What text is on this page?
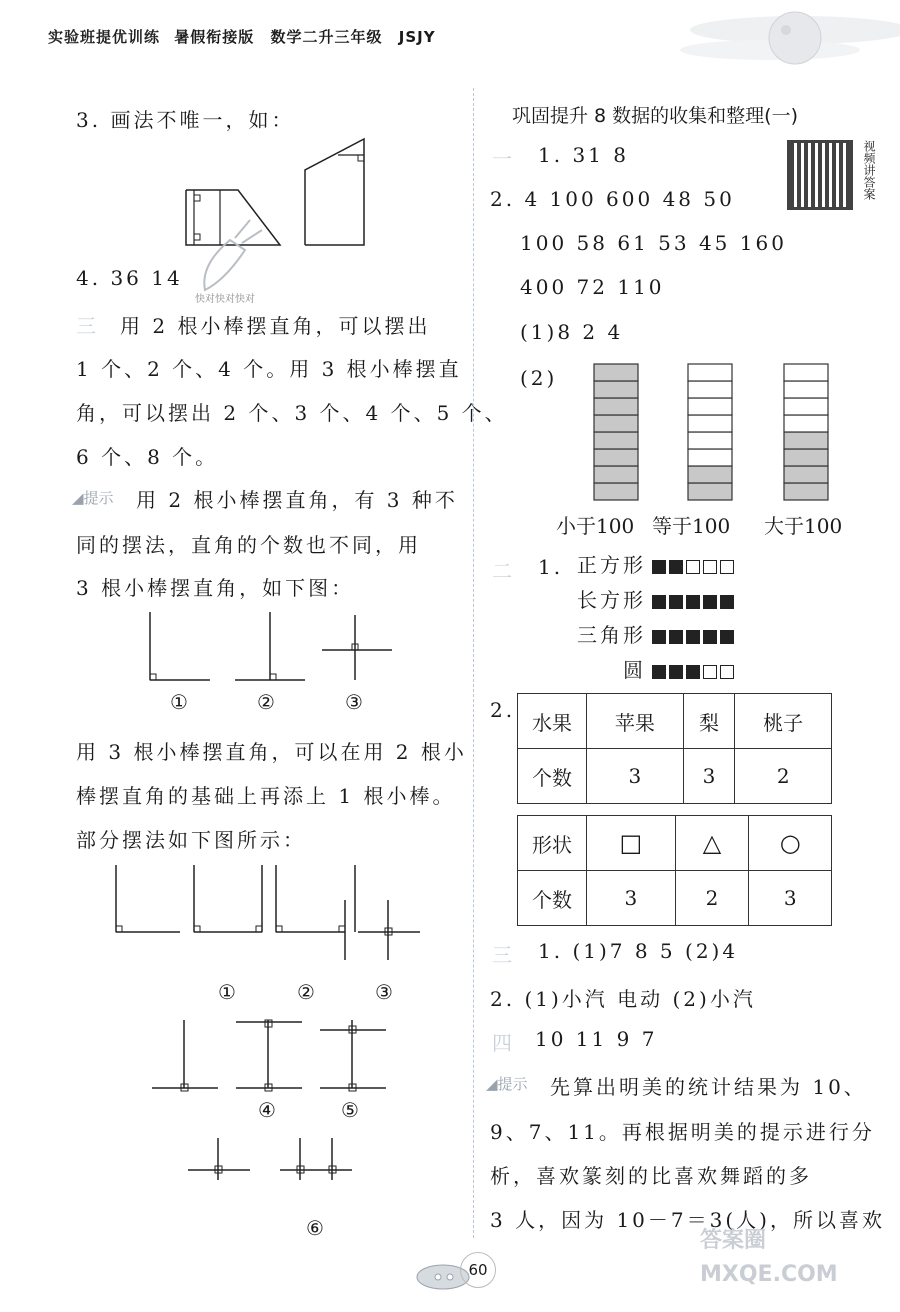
实验班提优训练 暑假衔接版 数学二升三年级 JSJY
3. 画法不唯一，如：
4. 36 14
快对快对快对
三 用 2 根小棒摆直角，可以摆出
1 个、2 个、4 个。用 3 根小棒摆直
角，可以摆出 2 个、3 个、4 个、5 个、
6 个、8 个。
◢提示 用 2 根小棒摆直角，有 3 种不
同的摆法，直角的个数也不同，用
3 根小棒摆直角，如下图：
①	②	③
用 3 根小棒摆直角，可以在用 2 根小
棒摆直角的基础上再添上 1 根小棒。
部分摆法如下图所示：
①	②	③
④	⑤
⑥
巩固提升 8 数据的收集和整理(一)
视频讲答案
一 1. 31 8
2. 4 100 600 48 50
100 58 61 53 45 160
400 72 110
(1)8 2 4
(2)
小于100 等于100 大于100
二 1. 正方形
长方形
三角形
圆
2.
水果	苹果	梨	桃子
个数	3	3	2
形状	□	△	○
个数	3	2	3
三 1. (1)7 8 5 (2)4
2. (1)小汽 电动 (2)小汽
四 10 11 9 7
◢提示 先算出明美的统计结果为 10、
9、7、11。再根据明美的提示进行分
析，喜欢篆刻的比喜欢舞蹈的多
3 人，因为 10－7＝3(人)，所以喜欢
60
答案圈 MXQE.COM
